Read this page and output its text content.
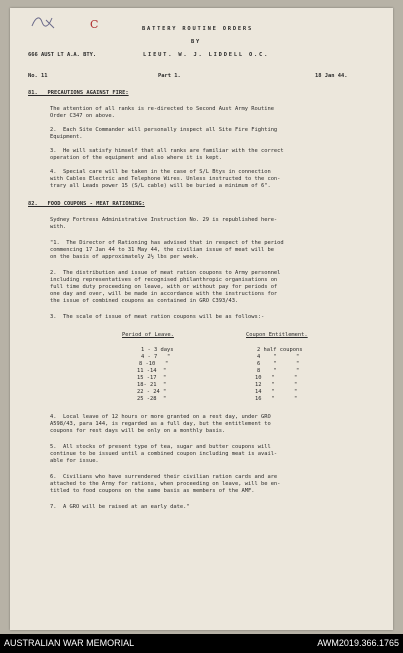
C	BATTERY ROUTINE ORDERS
BY
LIEUT. W. J. LIDDELL O.C.
666 AUST LT A.A. BTY.
No. 11	Part 1.	18 Jan 44.
81.   PRECAUTIONS AGAINST FIRE:
The attention of all ranks is re-directed to Second Aust Army Routine
Order C347 on above.
2.  Each Site Commander will personally inspect all Site Fire Fighting
Equipment.
3.  He will satisfy himself that all ranks are familiar with the correct
operation of the equipment and also where it is kept.
4.  Special care will be taken in the case of S/L Btys in connection
with Cables Electric and Telephone Wires. Unless instructed to the con-
trary all Leads power 15 (S/L cable) will be buried a minimum of 6".
82.   FOOD COUPONS - MEAT RATIONING:
Sydney Fortress Administrative Instruction No. 29 is republished here-
with.
"1.  The Director of Rationing has advised that in respect of the period
commencing 17 Jan 44 to 31 May 44, the civilian issue of meat will be
on the basis of approximately 2½ lbs per week.
2.  The distribution and issue of meat ration coupons to Army personnel
including representatives of recognised philanthropic organisations on
full time duty proceeding on leave, with or without pay for periods of
one day and over, will be made in accordance with the instructions for
the issue of combined coupons as contained in GRO C393/43.
3.  The scale of issue of meat ration coupons will be as follows:-
Period of Leave.	Coupon Entitlement.
1 - 3 days	2 half coupons
4 - 7   "	4    "      "
8 -10   "	6    "      "
11 -14  "	8    "      "
15 -17  "	10   "      "
18- 21  "	12   "      "
22 - 24 "	14   "      "
25 -28  "	16   "      "
4.  Local leave of 12 hours or more granted on a rest day, under GRO
A598/43, para 144, is regarded as a full day, but the entitlement to
coupons for rest days will be only on a monthly basis.
5.  All stocks of present type of tea, sugar and butter coupons will
continue to be issued until a combined coupon including meat is avail-
able for issue.
6.  Civilians who have surrendered their civilian ration cards and are
attached to the Army for rations, when proceeding on leave, will be en-
titled to food coupons on the same basis as members of the AMF.
7.  A GRO will be raised at an early date."
AUSTRALIAN WAR MEMORIAL	AWM2019.366.1765
